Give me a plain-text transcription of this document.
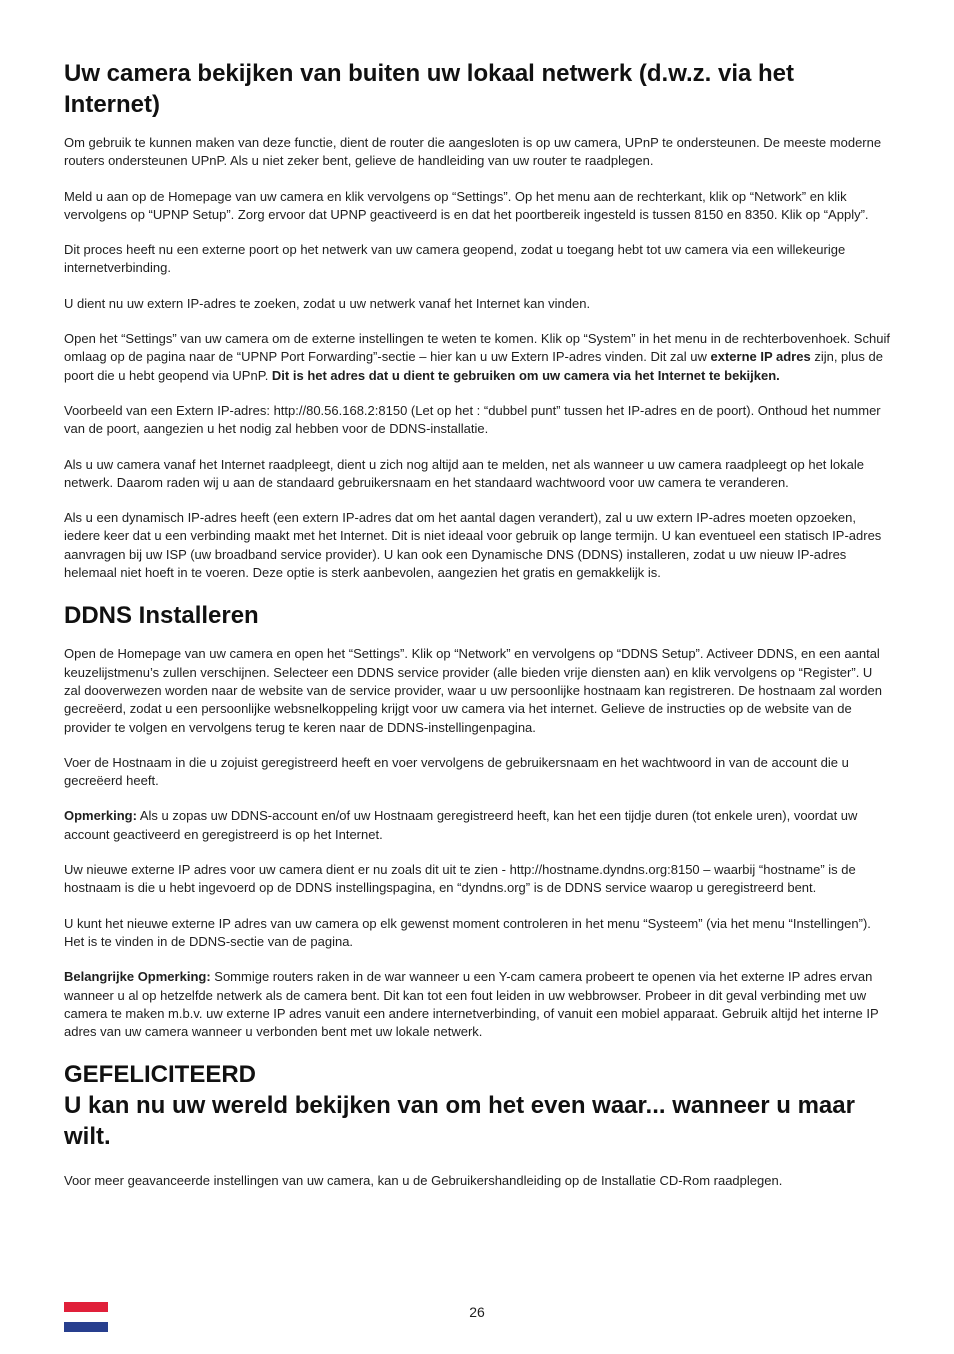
Uw camera bekijken van buiten uw lokaal netwerk (d.w.z. via het Internet)

Om gebruik te kunnen maken van deze functie, dient de router die aangesloten is op uw camera, UPnP te ondersteunen. De meeste moderne routers ondersteunen UPnP. Als u niet zeker bent, gelieve de handleiding van uw router te raadplegen.

Meld u aan op de Homepage van uw camera en klik vervolgens op “Settings”. Op het menu aan de rechterkant, klik op “Network” en klik vervolgens op “UPNP Setup”. Zorg ervoor dat UPNP geactiveerd is en dat het poortbereik ingesteld is tussen 8150 en 8350. Klik op “Apply”.

Dit proces heeft nu een externe poort op het netwerk van uw camera geopend, zodat u toegang hebt tot uw camera via een willekeurige internetverbinding.

U dient nu uw extern IP-adres te zoeken, zodat u uw netwerk vanaf het Internet kan vinden.

Open het “Settings” van uw camera om de externe instellingen te weten te komen. Klik op “System” in het menu in de rechterbovenhoek. Schuif omlaag op de pagina naar de “UPNP Port Forwarding”-sectie – hier kan u uw Extern IP-adres vinden. Dit zal uw externe IP adres zijn, plus de poort die u hebt geopend via UPnP. Dit is het adres dat u dient te gebruiken om uw camera via het Internet te bekijken.

Voorbeeld van een Extern IP-adres: http://80.56.168.2:8150 (Let op het : “dubbel punt” tussen het IP-adres en de poort). Onthoud het nummer van de poort, aangezien u het nodig zal hebben voor de DDNS-installatie.

Als u uw camera vanaf het Internet raadpleegt, dient u zich nog altijd aan te melden, net als wanneer u uw camera raadpleegt op het lokale netwerk. Daarom raden wij u aan de standaard gebruikersnaam en het standaard wachtwoord voor uw camera te veranderen.

Als u een dynamisch IP-adres heeft (een extern IP-adres dat om het aantal dagen verandert), zal u uw extern IP-adres moeten opzoeken, iedere keer dat u een verbinding maakt met het Internet. Dit is niet ideaal voor gebruik op lange termijn. U kan eventueel een statisch IP-adres aanvragen bij uw ISP (uw broadband service provider). U kan ook een Dynamische DNS (DDNS) installeren, zodat u uw nieuw IP-adres helemaal niet hoeft in te voeren. Deze optie is sterk aanbevolen, aangezien het gratis en gemakkelijk is.

DDNS Installeren

Open de Homepage van uw camera en open het “Settings”. Klik op “Network” en vervolgens op “DDNS Setup”. Activeer DDNS, en een aantal keuzelijstmenu’s zullen verschijnen. Selecteer een DDNS service provider (alle bieden vrije diensten aan) en klik vervolgens op “Register”. U zal dooverwezen worden naar de website van de service provider, waar u uw persoonlijke hostnaam kan registreren. De hostnaam zal worden gecreëerd, zodat u een persoonlijke websnelkoppeling krijgt voor uw camera via het internet. Gelieve de instructies op de website van de provider te volgen en vervolgens terug te keren naar de DDNS-instellingenpagina.

Voer de Hostnaam in die u zojuist geregistreerd heeft en voer vervolgens de gebruikersnaam en het wachtwoord in van de account die u gecreëerd heeft.

Opmerking: Als u zopas uw DDNS-account en/of uw Hostnaam geregistreerd heeft, kan het een tijdje duren (tot enkele uren), voordat uw account geactiveerd en geregistreerd is op het Internet.

Uw nieuwe externe IP adres voor uw camera dient er nu zoals dit uit te zien - http://hostname.dyndns.org:8150 – waarbij “hostname” is de hostnaam is die u hebt ingevoerd op de DDNS instellingspagina, en “dyndns.org” is de DDNS service waarop u geregistreerd bent.

U kunt het nieuwe externe IP adres van uw camera op elk gewenst moment controleren in het menu “Systeem” (via het menu “Instellingen”). Het is te vinden in de DDNS-sectie van de pagina.

Belangrijke Opmerking: Sommige routers raken in de war wanneer u een Y-cam camera probeert te openen via het externe IP adres ervan wanneer u al op hetzelfde netwerk als de camera bent. Dit kan tot een fout leiden in uw webbrowser. Probeer in dit geval verbinding met uw camera te maken m.b.v. uw externe IP adres vanuit een andere internetverbinding, of vanuit een mobiel apparaat. Gebruik altijd het interne IP adres van uw camera wanneer u verbonden bent met uw lokale netwerk.

GEFELICITEERD
U kan nu uw wereld bekijken van om het even waar... wanneer u maar wilt.

Voor meer geavanceerde instellingen van uw camera, kan u de Gebruikershandleiding op de Installatie CD-Rom raadplegen.

26
